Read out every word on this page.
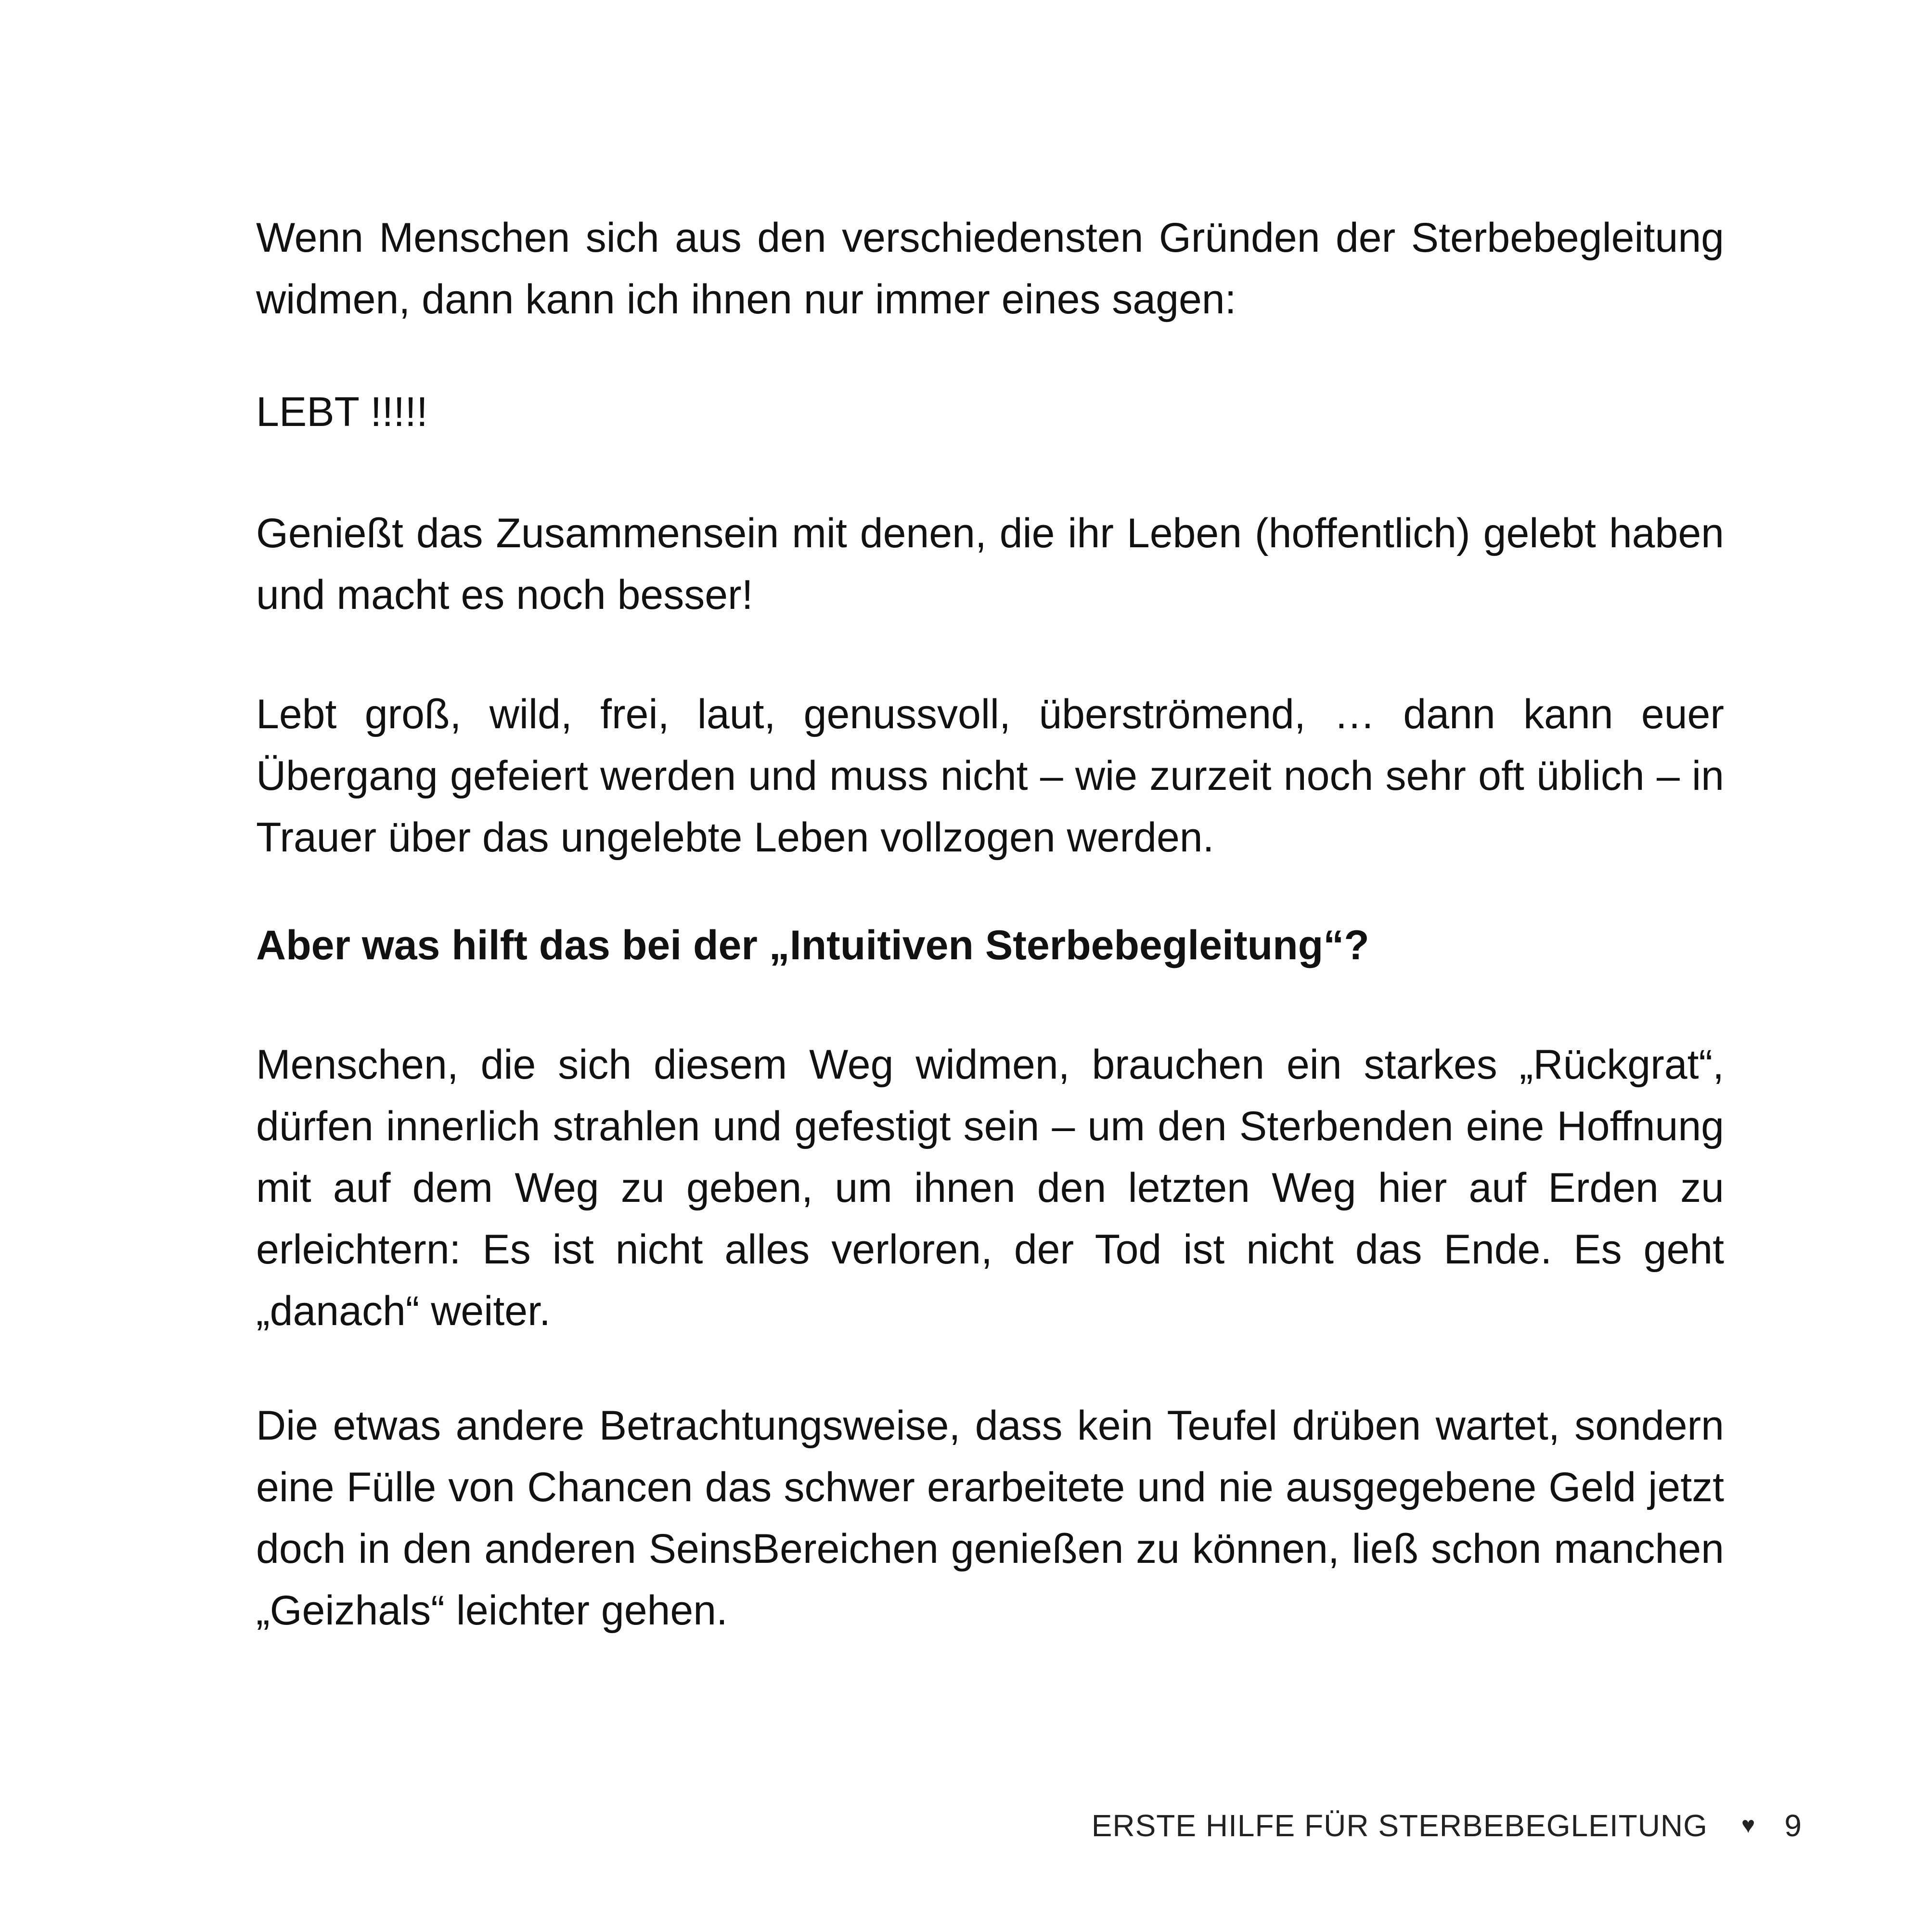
Wenn Menschen sich aus den verschiedensten Gründen der Sterbebegleitung widmen, dann kann ich ihnen nur immer eines sagen:

LEBT !!!!!

Genießt das Zusammensein mit denen, die ihr Leben (hoffentlich) gelebt haben und macht es noch besser!

Lebt groß, wild, frei, laut, genussvoll, überströmend, … dann kann euer Übergang gefeiert werden und muss nicht – wie zurzeit noch sehr oft üblich – in Trauer über das ungelebte Leben vollzogen werden.

Aber was hilft das bei der „Intuitiven Sterbebegleitung“?

Menschen, die sich diesem Weg widmen, brauchen ein starkes „Rückgrat“, dürfen innerlich strahlen und gefestigt sein – um den Sterbenden eine Hoffnung mit auf dem Weg zu geben, um ihnen den letzten Weg hier auf Erden zu erleichtern: Es ist nicht alles verloren, der Tod ist nicht das Ende. Es geht „danach“ weiter.

Die etwas andere Betrachtungsweise, dass kein Teufel drüben wartet, sondern eine Fülle von Chancen das schwer erarbeitete und nie ausgegebene Geld jetzt doch in den anderen SeinsBereichen genießen zu können, ließ schon manchen „Geizhals“ leichter gehen.

ERSTE HILFE FÜR STERBEBEGLEITUNG ♥ 9
